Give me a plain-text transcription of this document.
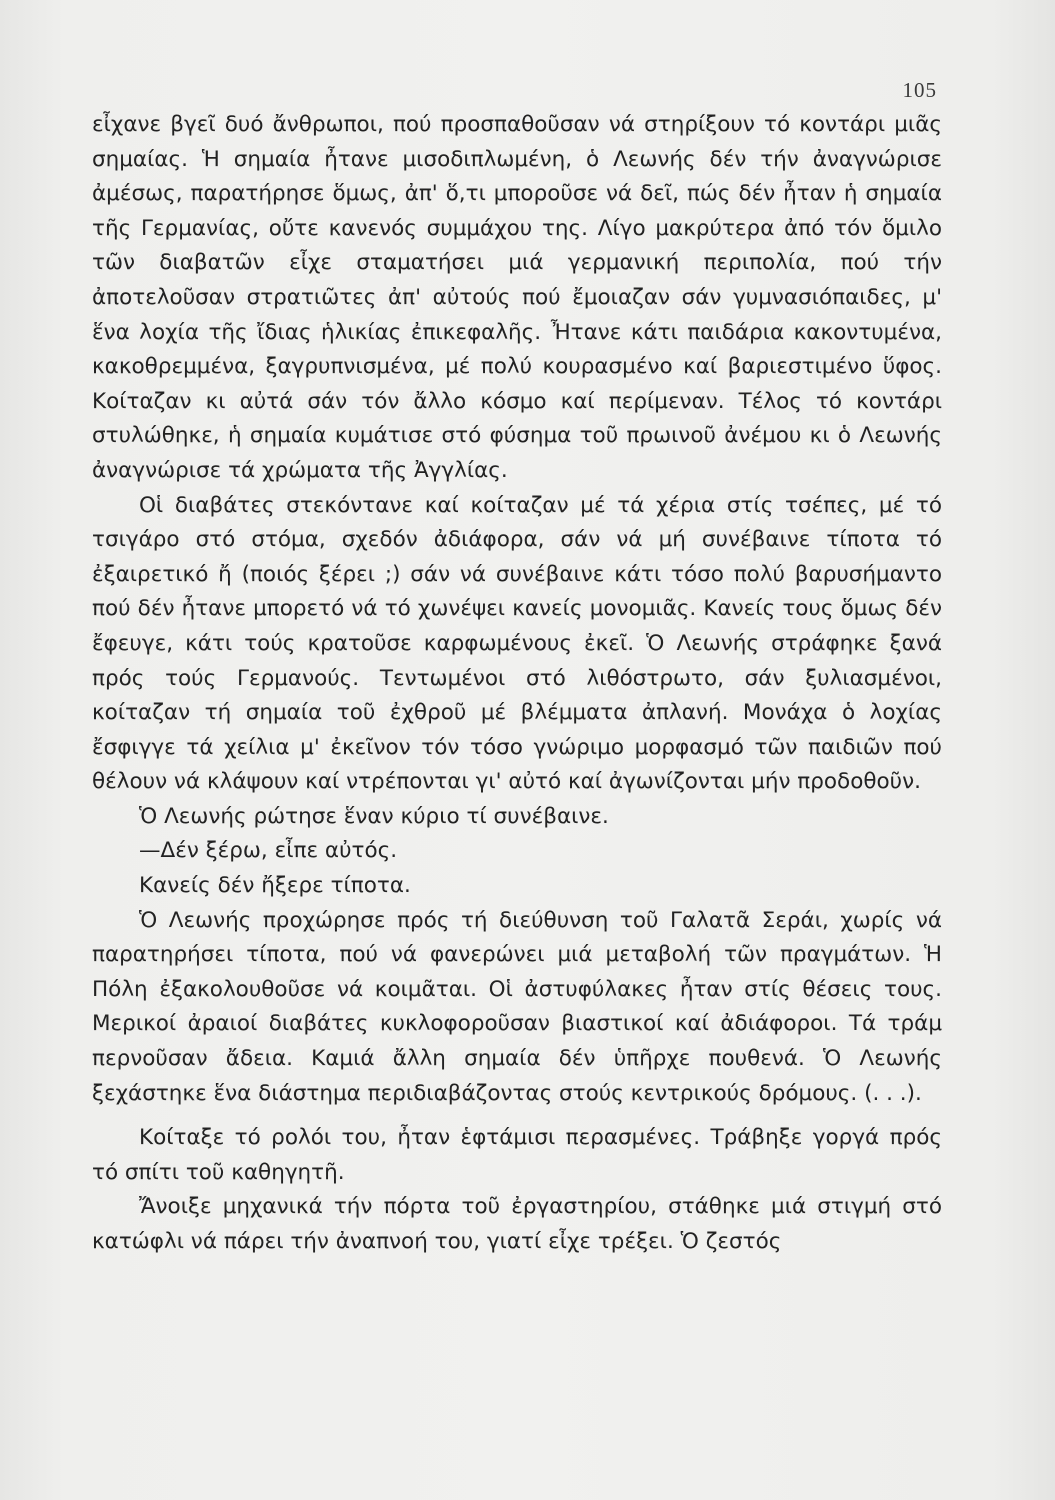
105

εἶχανε βγεῖ δυό ἄνθρωποι, πού προσπαθοῦσαν νά στηρίξουν τό κοντάρι μιᾶς σημαίας. Ἡ σημαία ἦτανε μισοδιπλωμένη, ὁ Λεωνής δέν τήν ἀναγνώρισε ἀμέσως, παρατήρησε ὅμως, ἀπ' ὅ,τι μποροῦσε νά δεῖ, πώς δέν ἦταν ἡ σημαία τῆς Γερμανίας, οὔτε κανενός συμμάχου της. Λίγο μακρύτερα ἀπό τόν ὅμιλο τῶν διαβατῶν εἶχε σταματήσει μιά γερμανική περιπολία, πού τήν ἀποτελοῦσαν στρατιῶτες ἀπ' αὐτούς πού ἔμοιαζαν σάν γυμνασιόπαιδες, μ' ἕνα λοχία τῆς ἴδιας ἡλικίας ἐπικεφαλῆς. Ἦτανε κάτι παιδάρια κακοντυμένα, κακοθρεμμένα, ξαγρυπνισμένα, μέ πολύ κουρασμένο καί βαριεστιμένο ὕφος. Κοίταζαν κι αὐτά σάν τόν ἄλλο κόσμο καί περίμεναν. Τέλος τό κοντάρι στυλώθηκε, ἡ σημαία κυμάτισε στό φύσημα τοῦ πρωινοῦ ἀνέμου κι ὁ Λεωνής ἀναγνώρισε τά χρώματα τῆς Ἀγγλίας.

Οἱ διαβάτες στεκόντανε καί κοίταζαν μέ τά χέρια στίς τσέπες, μέ τό τσιγάρο στό στόμα, σχεδόν ἀδιάφορα, σάν νά μή συνέβαινε τίποτα τό ἐξαιρετικό ἤ (ποιός ξέρει ;) σάν νά συνέβαινε κάτι τόσο πολύ βαρυσήμαντο πού δέν ἦτανε μπορετό νά τό χωνέψει κανείς μονομιᾶς. Κανείς τους ὅμως δέν ἔφευγε, κάτι τούς κρατοῦσε καρφωμένους ἐκεῖ. Ὁ Λεωνής στράφηκε ξανά πρός τούς Γερμανούς. Τεντωμένοι στό λιθόστρωτο, σάν ξυλιασμένοι, κοίταζαν τή σημαία τοῦ ἐχθροῦ μέ βλέμματα ἀπλανή. Μονάχα ὁ λοχίας ἔσφιγγε τά χείλια μ' ἐκεῖνον τόν τόσο γνώριμο μορφασμό τῶν παιδιῶν πού θέλουν νά κλάψουν καί ντρέπονται γι' αὐτό καί ἀγωνίζονται μήν προδοθοῦν.

Ὁ Λεωνής ρώτησε ἕναν κύριο τί συνέβαινε.

—Δέν ξέρω, εἶπε αὐτός.

Κανείς δέν ἤξερε τίποτα.

Ὁ Λεωνής προχώρησε πρός τή διεύθυνση τοῦ Γαλατᾶ Σεράι, χωρίς νά παρατηρήσει τίποτα, πού νά φανερώνει μιά μεταβολή τῶν πραγμάτων. Ἡ Πόλη ἐξακολουθοῦσε νά κοιμᾶται. Οἱ ἀστυφύλακες ἦταν στίς θέσεις τους. Μερικοί ἀραιοί διαβάτες κυκλοφοροῦσαν βιαστικοί καί ἀδιάφοροι. Τά τράμ περνοῦσαν ἄδεια. Καμιά ἄλλη σημαία δέν ὑπῆρχε πουθενά. Ὁ Λεωνής ξεχάστηκε ἕνα διάστημα περιδιαβάζοντας στούς κεντρικούς δρόμους. (. . .).

Κοίταξε τό ρολόι του, ἦταν ἑφτάμισι περασμένες. Τράβηξε γοργά πρός τό σπίτι τοῦ καθηγητῆ.

Ἄνοιξε μηχανικά τήν πόρτα τοῦ ἐργαστηρίου, στάθηκε μιά στιγμή στό κατώφλι νά πάρει τήν ἀναπνοή του, γιατί εἶχε τρέξει. Ὁ ζεστός
